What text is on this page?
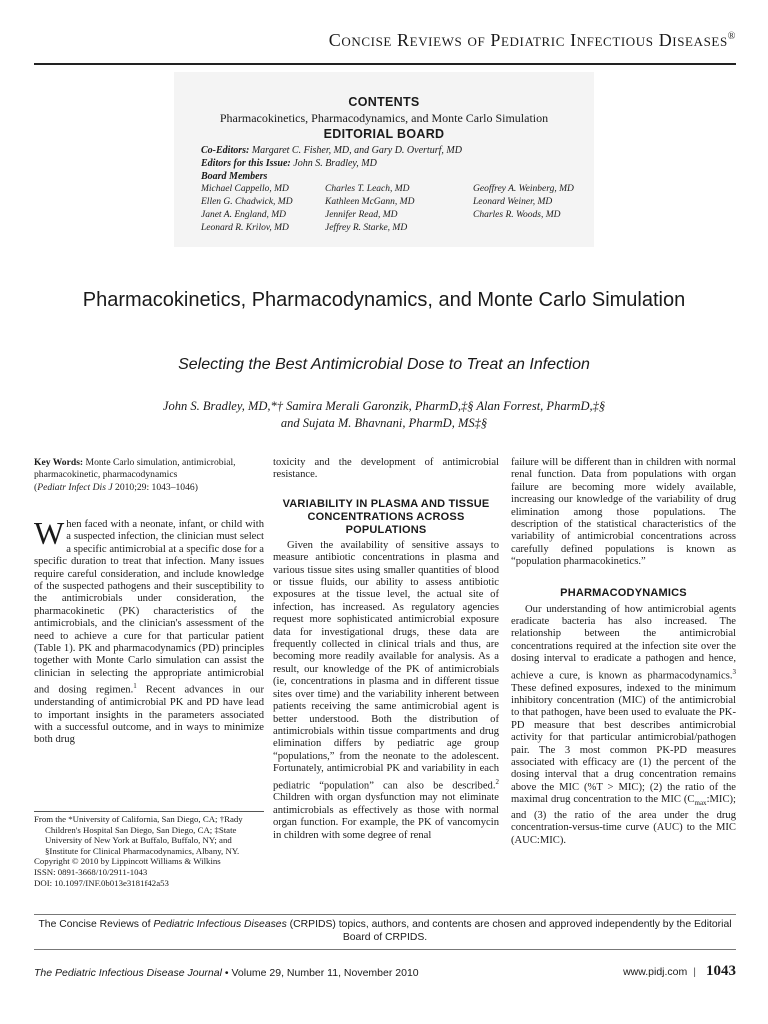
Concise Reviews of Pediatric Infectious Diseases®
CONTENTS
Pharmacokinetics, Pharmacodynamics, and Monte Carlo Simulation
EDITORIAL BOARD
Co-Editors: Margaret C. Fisher, MD, and Gary D. Overturf, MD
Editors for this Issue: John S. Bradley, MD
Board Members
Michael Cappello, MD
Ellen G. Chadwick, MD
Janet A. England, MD
Leonard R. Krilov, MD
Charles T. Leach, MD
Kathleen McGann, MD
Jennifer Read, MD
Jeffrey R. Starke, MD
Geoffrey A. Weinberg, MD
Leonard Weiner, MD
Charles R. Woods, MD
Pharmacokinetics, Pharmacodynamics, and Monte Carlo Simulation
Selecting the Best Antimicrobial Dose to Treat an Infection
John S. Bradley, MD,*† Samira Merali Garonzik, PharmD,‡§ Alan Forrest, PharmD,‡§
and Sujata M. Bhavnani, PharmD, MS‡§
Key Words: Monte Carlo simulation, antimicrobial, pharmacokinetic, pharmacodynamics
(Pediatr Infect Dis J 2010;29: 1043–1046)

When faced with a neonate, infant, or child with a suspected infection, the clinician must select a specific antimicrobial at a specific dose for a specific duration to treat that infection. Many issues require careful consideration, and include knowledge of the suspected pathogens and their susceptibility to the antimicrobials under consideration, the pharmacokinetic (PK) characteristics of the antimicrobials, and the clinician's assessment of the need to achieve a cure for that particular patient (Table 1). PK and pharmacodynamics (PD) principles together with Monte Carlo simulation can assist the clinician in selecting the appropriate antimicrobial and dosing regimen.$^1$ Recent advances in our understanding of antimicrobial PK and PD have lead to important insights in the parameters associated with a successful outcome, and in ways to minimize both drug

From the *University of California, San Diego, CA; †Rady Children's Hospital San Diego, San Diego, CA; ‡State University of New York at Buffalo, Buffalo, NY; and §Institute for Clinical Pharmacodynamics, Albany, NY.
Copyright © 2010 by Lippincott Williams & Wilkins
ISSN: 0891-3668/10/2911-1043
DOI: 10.1097/INF.0b013e3181f42a53

toxicity and the development of antimicrobial resistance.

VARIABILITY IN PLASMA AND TISSUE CONCENTRATIONS ACROSS POPULATIONS

Given the availability of sensitive assays to measure antibiotic concentrations in plasma and various tissue sites using smaller quantities of blood or tissue fluids, our ability to assess antibiotic exposures at the tissue level, the actual site of infection, has increased. As regulatory agencies request more sophisticated antimicrobial exposure data for investigational drugs, these data are frequently collected in clinical trials and thus, are becoming more readily available for analysis. As a result, our knowledge of the PK of antimicrobials (ie, concentrations in plasma and in different tissue sites over time) and the variability inherent between patients receiving the same antimicrobial agent is better understood. Both the distribution of antimicrobials within tissue compartments and drug elimination differs by pediatric age group “populations,” from the neonate to the adolescent. Fortunately, antimicrobial PK and variability in each pediatric “population” can also be described.$^2$ Children with organ dysfunction may not eliminate antimicrobials as effectively as those with normal organ function. For example, the PK of vancomycin in children with some degree of renal

failure will be different than in children with normal renal function. Data from populations with organ failure are becoming more widely available, increasing our knowledge of the variability of drug elimination among those populations. The description of the statistical characteristics of the variability of antimicrobial concentrations across carefully defined populations is known as “population pharmacokinetics.”

PHARMACODYNAMICS

Our understanding of how antimicrobial agents eradicate bacteria has also increased. The relationship between the antimicrobial concentrations required at the infection site over the dosing interval to eradicate a pathogen and hence, achieve a cure, is known as pharmacodynamics.$^3$ These defined exposures, indexed to the minimum inhibitory concentration (MIC) of the antimicrobial to that pathogen, have been used to evaluate the PK-PD measure that best describes antimicrobial activity for that particular antimicrobial/pathogen pair. The 3 most common PK-PD measures associated with efficacy are (1) the percent of the dosing interval that a drug concentration remains above the MIC (%T > MIC); (2) the ratio of the maximal drug concentration to the MIC $(C_{max}:MIC)$; and (3) the ratio of the area under the drug concentration-versus-time curve (AUC) to the MIC (AUC:MIC).

The Concise Reviews of Pediatric Infectious Diseases (CRPIDS) topics, authors, and contents are chosen and approved independently by the Editorial Board of CRPIDS.
The Pediatric Infectious Disease Journal • Volume 29, Number 11, November 2010	www.pidj.com | 1043
